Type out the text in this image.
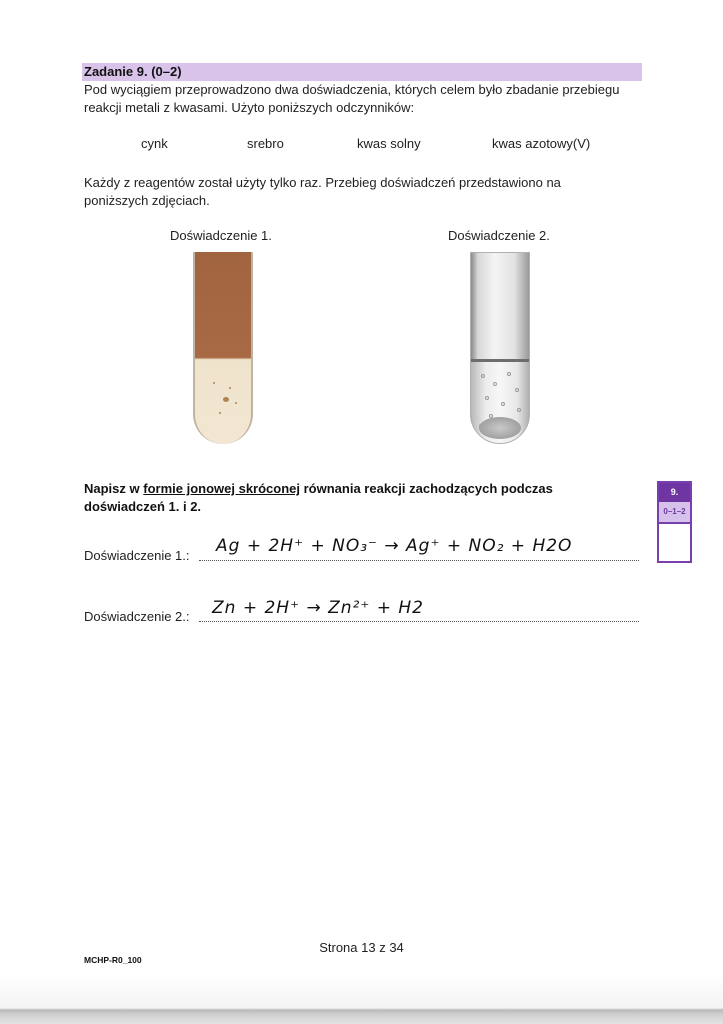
Zadanie 9. (0–2)
Pod wyciągiem przeprowadzono dwa doświadczenia, których celem było zbadanie przebiegu
reakcji metali z kwasami. Użyto poniższych odczynników:
cynk	srebro	kwas solny	kwas azotowy(V)
Każdy z reagentów został użyty tylko raz. Przebieg doświadczeń przedstawiono na
poniższych zdjęciach.
Doświadczenie 1.	Doświadczenie 2.
Napisz w formie jonowej skróconej równania reakcji zachodzących podczas
doświadczeń 1. i 2.
9.
0–1–2
Doświadczenie 1.: Ag + 2H⁺ + NO₃⁻ → Ag⁺ + NO₂ + H2O
Doświadczenie 2.: Zn + 2H⁺ → Zn²⁺ + H2
Strona 13 z 34
MCHP-R0_100
